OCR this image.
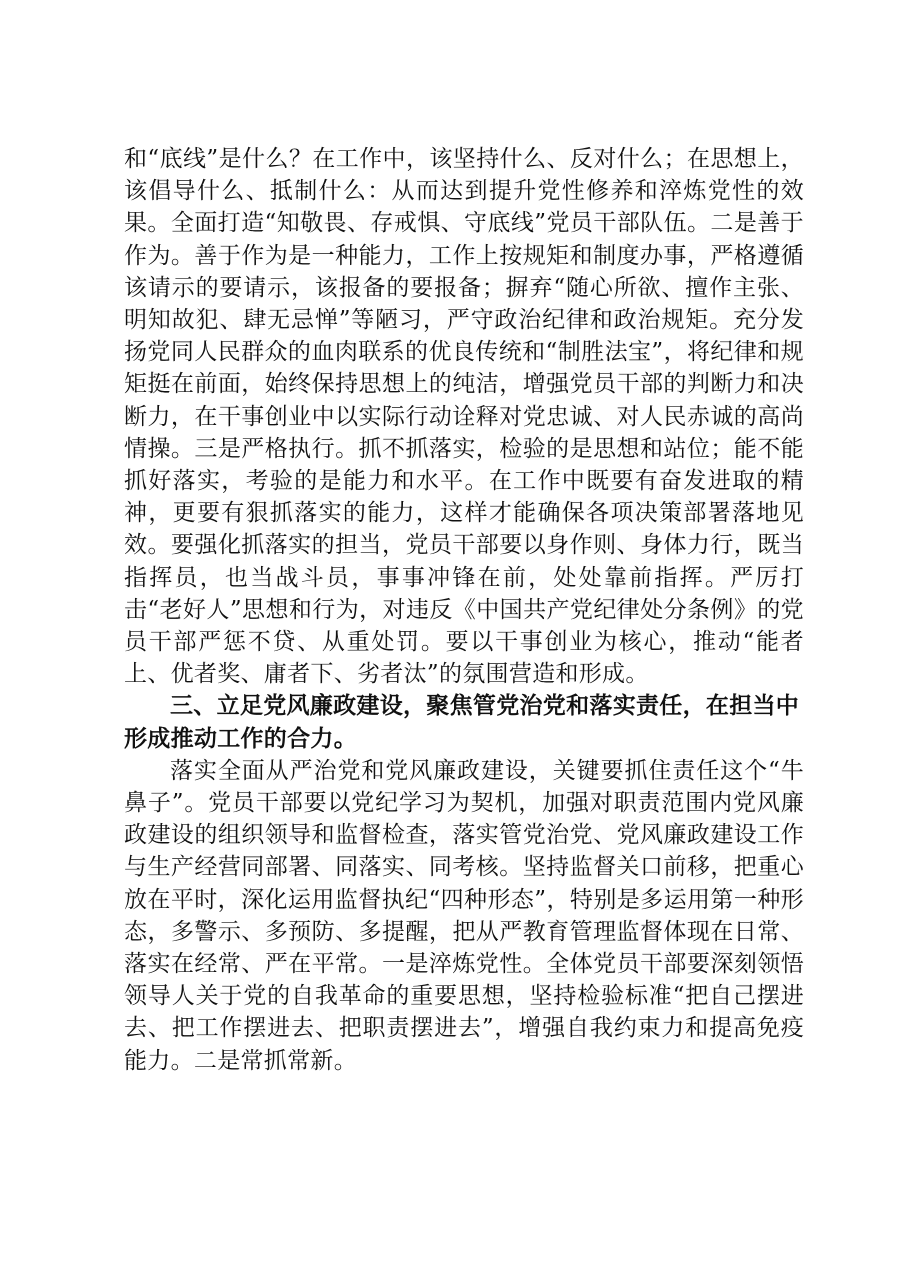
和“底线”是什么？在工作中，该坚持什么、反对什么；在思想上，该倡导什么、抵制什么：从而达到提升党性修养和淬炼党性的效果。全面打造“知敬畏、存戒惧、守底线”党员干部队伍。二是善于作为。善于作为是一种能力，工作上按规矩和制度办事，严格遵循该请示的要请示，该报备的要报备；摒弃“随心所欲、擅作主张、明知故犯、肆无忌惮”等陋习，严守政治纪律和政治规矩。充分发扬党同人民群众的血肉联系的优良传统和“制胜法宝”，将纪律和规矩挺在前面，始终保持思想上的纯洁，增强党员干部的判断力和决断力，在干事创业中以实际行动诠释对党忠诚、对人民赤诚的高尚情操。三是严格执行。抓不抓落实，检验的是思想和站位；能不能抓好落实，考验的是能力和水平。在工作中既要有奋发进取的精神，更要有狠抓落实的能力，这样才能确保各项决策部署落地见效。要强化抓落实的担当，党员干部要以身作则、身体力行，既当指挥员，也当战斗员，事事冲锋在前，处处靠前指挥。严厉打击“老好人”思想和行为，对违反《中国共产党纪律处分条例》的党员干部严惩不贷、从重处罚。要以干事创业为核心，推动“能者上、优者奖、庸者下、劣者汰”的氛围营造和形成。

三、立足党风廉政建设，聚焦管党治党和落实责任，在担当中形成推动工作的合力。

落实全面从严治党和党风廉政建设，关键要抓住责任这个“牛鼻子”。党员干部要以党纪学习为契机，加强对职责范围内党风廉政建设的组织领导和监督检查，落实管党治党、党风廉政建设工作与生产经营同部署、同落实、同考核。坚持监督关口前移，把重心放在平时，深化运用监督执纪“四种形态”，特别是多运用第一种形态，多警示、多预防、多提醒，把从严教育管理监督体现在日常、落实在经常、严在平常。一是淬炼党性。全体党员干部要深刻领悟领导人关于党的自我革命的重要思想，坚持检验标准“把自己摆进去、把工作摆进去、把职责摆进去”，增强自我约束力和提高免疫能力。二是常抓常新。
